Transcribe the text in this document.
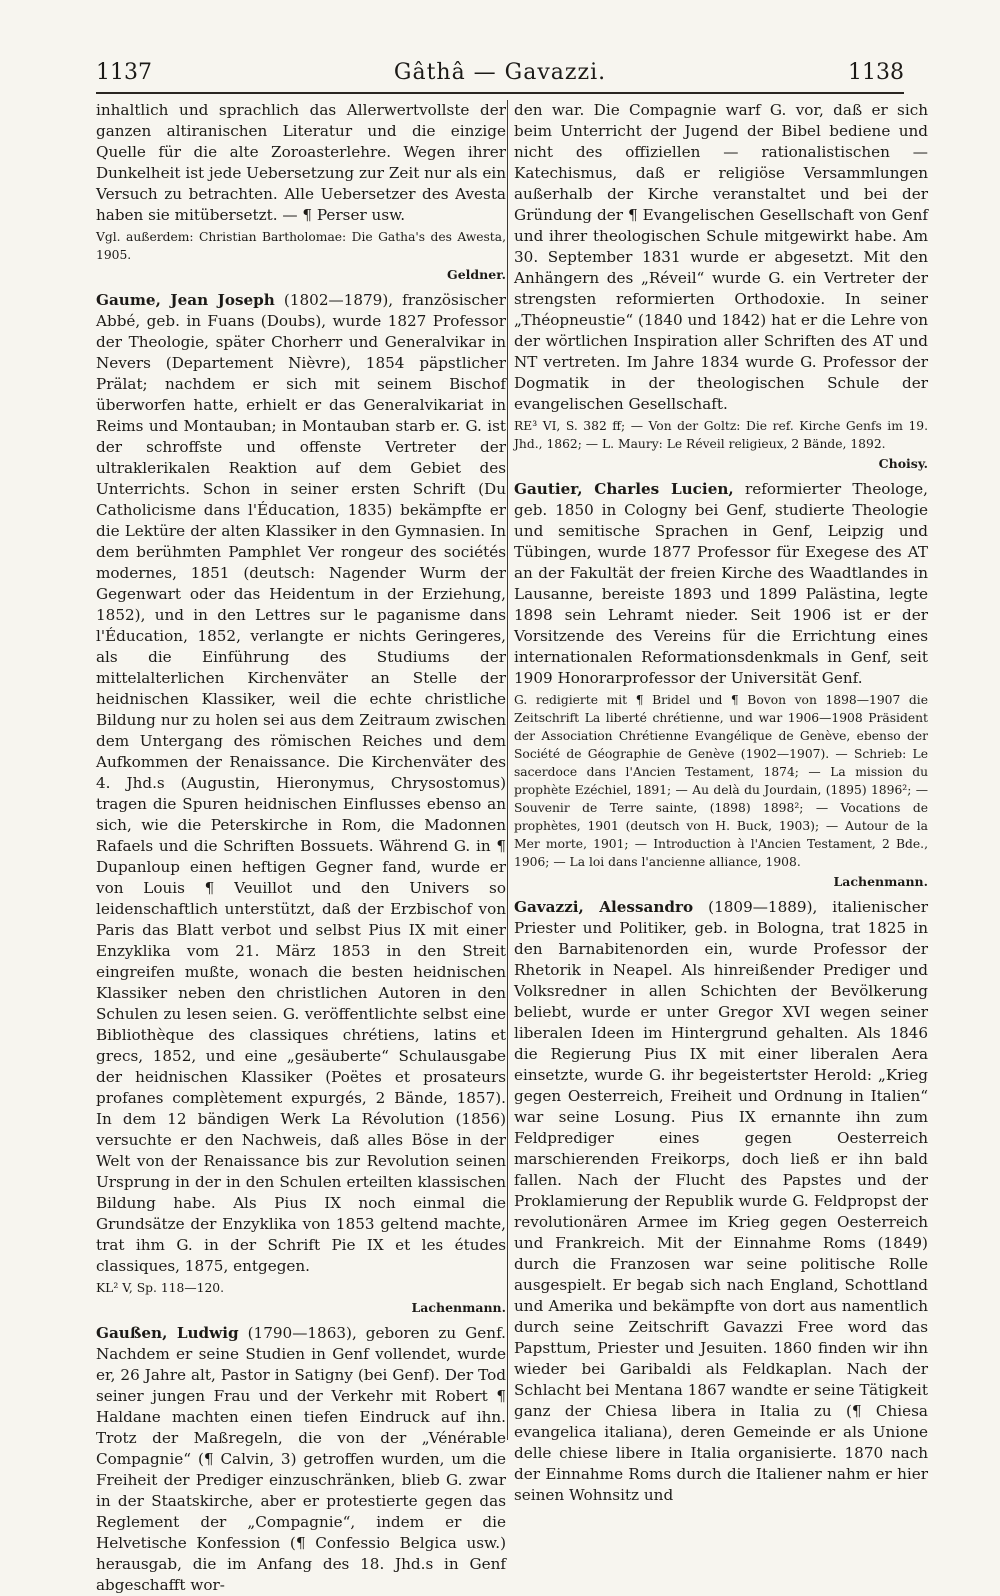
1137	Gâthâ — Gavazzi.	1138

inhaltlich und sprachlich das Allerwertvollste der ganzen altiranischen Literatur und die einzige Quelle für die alte Zoroasterlehre. Wegen ihrer Dunkelheit ist jede Uebersetzung zur Zeit nur als ein Versuch zu betrachten. Alle Uebersetzer des Avesta haben sie mitübersetzt. — ¶ Perser usw.

Vgl. außerdem: Christian Bartholomae: Die Gatha's des Awesta, 1905.

Geldner.

Gaume, Jean Joseph (1802—1879), französischer Abbé, geb. in Fuans (Doubs), wurde 1827 Professor der Theologie, später Chorherr und Generalvikar in Nevers (Departement Nièvre), 1854 päpstlicher Prälat; nachdem er sich mit seinem Bischof überworfen hatte, erhielt er das Generalvikariat in Reims und Montauban; in Montauban starb er. G. ist der schroffste und offenste Vertreter der ultraklerikalen Reaktion auf dem Gebiet des Unterrichts. Schon in seiner ersten Schrift (Du Catholicisme dans l'Éducation, 1835) bekämpfte er die Lektüre der alten Klassiker in den Gymnasien. In dem berühmten Pamphlet Ver rongeur des sociétés modernes, 1851 (deutsch: Nagender Wurm der Gegenwart oder das Heidentum in der Erziehung, 1852), und in den Lettres sur le paganisme dans l'Éducation, 1852, verlangte er nichts Geringeres, als die Einführung des Studiums der mittelalterlichen Kirchenväter an Stelle der heidnischen Klassiker, weil die echte christliche Bildung nur zu holen sei aus dem Zeitraum zwischen dem Untergang des römischen Reiches und dem Aufkommen der Renaissance. Die Kirchenväter des 4. Jhd.s (Augustin, Hieronymus, Chrysostomus) tragen die Spuren heidnischen Einflusses ebenso an sich, wie die Peterskirche in Rom, die Madonnen Rafaels und die Schriften Bossuets. Während G. in ¶ Dupanloup einen heftigen Gegner fand, wurde er von Louis ¶ Veuillot und den Univers so leidenschaftlich unterstützt, daß der Erzbischof von Paris das Blatt verbot und selbst Pius IX mit einer Enzyklika vom 21. März 1853 in den Streit eingreifen mußte, wonach die besten heidnischen Klassiker neben den christlichen Autoren in den Schulen zu lesen seien. G. veröffentlichte selbst eine Bibliothèque des classiques chrétiens, latins et grecs, 1852, und eine „gesäuberte“ Schulausgabe der heidnischen Klassiker (Poëtes et prosateurs profanes complètement expurgés, 2 Bände, 1857). In dem 12 bändigen Werk La Révolution (1856) versuchte er den Nachweis, daß alles Böse in der Welt von der Renaissance bis zur Revolution seinen Ursprung in der in den Schulen erteilten klassischen Bildung habe. Als Pius IX noch einmal die Grundsätze der Enzyklika von 1853 geltend machte, trat ihm G. in der Schrift Pie IX et les études classiques, 1875, entgegen.

KL² V, Sp. 118—120.

Lachenmann.

Gaußen, Ludwig (1790—1863), geboren zu Genf. Nachdem er seine Studien in Genf vollendet, wurde er, 26 Jahre alt, Pastor in Satigny (bei Genf). Der Tod seiner jungen Frau und der Verkehr mit Robert ¶ Haldane machten einen tiefen Eindruck auf ihn. Trotz der Maßregeln, die von der „Vénérable Compagnie“ (¶ Calvin, 3) getroffen wurden, um die Freiheit der Prediger einzuschränken, blieb G. zwar in der Staatskirche, aber er protestierte gegen das Reglement der „Compagnie“, indem er die Helvetische Konfession (¶ Confessio Belgica usw.) herausgab, die im Anfang des 18. Jhd.s in Genf abgeschafft wor-

den war. Die Compagnie warf G. vor, daß er sich beim Unterricht der Jugend der Bibel bediene und nicht des offiziellen — rationalistischen — Katechismus, daß er religiöse Versammlungen außerhalb der Kirche veranstaltet und bei der Gründung der ¶ Evangelischen Gesellschaft von Genf und ihrer theologischen Schule mitgewirkt habe. Am 30. September 1831 wurde er abgesetzt. Mit den Anhängern des „Réveil“ wurde G. ein Vertreter der strengsten reformierten Orthodoxie. In seiner „Théopneustie“ (1840 und 1842) hat er die Lehre von der wörtlichen Inspiration aller Schriften des AT und NT vertreten. Im Jahre 1834 wurde G. Professor der Dogmatik in der theologischen Schule der evangelischen Gesellschaft.

RE³ VI, S. 382 ff; — Von der Goltz: Die ref. Kirche Genfs im 19. Jhd., 1862; — L. Maury: Le Réveil religieux, 2 Bände, 1892.

Choisy.

Gautier, Charles Lucien, reformierter Theologe, geb. 1850 in Cologny bei Genf, studierte Theologie und semitische Sprachen in Genf, Leipzig und Tübingen, wurde 1877 Professor für Exegese des AT an der Fakultät der freien Kirche des Waadtlandes in Lausanne, bereiste 1893 und 1899 Palästina, legte 1898 sein Lehramt nieder. Seit 1906 ist er der Vorsitzende des Vereins für die Errichtung eines internationalen Reformationsdenkmals in Genf, seit 1909 Honorarprofessor der Universität Genf.

G. redigierte mit ¶ Bridel und ¶ Bovon von 1898—1907 die Zeitschrift La liberté chrétienne, und war 1906—1908 Präsident der Association Chrétienne Evangélique de Genève, ebenso der Société de Géographie de Genève (1902—1907). — Schrieb: Le sacerdoce dans l'Ancien Testament, 1874; — La mission du prophète Ezéchiel, 1891; — Au delà du Jourdain, (1895) 1896²; — Souvenir de Terre sainte, (1898) 1898²; — Vocations de prophètes, 1901 (deutsch von H. Buck, 1903); — Autour de la Mer morte, 1901; — Introduction à l'Ancien Testament, 2 Bde., 1906; — La loi dans l'ancienne alliance, 1908.

Lachenmann.

Gavazzi, Alessandro (1809—1889), italienischer Priester und Politiker, geb. in Bologna, trat 1825 in den Barnabitenorden ein, wurde Professor der Rhetorik in Neapel. Als hinreißender Prediger und Volksredner in allen Schichten der Bevölkerung beliebt, wurde er unter Gregor XVI wegen seiner liberalen Ideen im Hintergrund gehalten. Als 1846 die Regierung Pius IX mit einer liberalen Aera einsetzte, wurde G. ihr begeistertster Herold: „Krieg gegen Oesterreich, Freiheit und Ordnung in Italien“ war seine Losung. Pius IX ernannte ihn zum Feldprediger eines gegen Oesterreich marschierenden Freikorps, doch ließ er ihn bald fallen. Nach der Flucht des Papstes und der Proklamierung der Republik wurde G. Feldpropst der revolutionären Armee im Krieg gegen Oesterreich und Frankreich. Mit der Einnahme Roms (1849) durch die Franzosen war seine politische Rolle ausgespielt. Er begab sich nach England, Schottland und Amerika und bekämpfte von dort aus namentlich durch seine Zeitschrift Gavazzi Free word das Papsttum, Priester und Jesuiten. 1860 finden wir ihn wieder bei Garibaldi als Feldkaplan. Nach der Schlacht bei Mentana 1867 wandte er seine Tätigkeit ganz der Chiesa libera in Italia zu (¶ Chiesa evangelica italiana), deren Gemeinde er als Unione delle chiese libere in Italia organisierte. 1870 nach der Einnahme Roms durch die Italiener nahm er hier seinen Wohnsitz und
